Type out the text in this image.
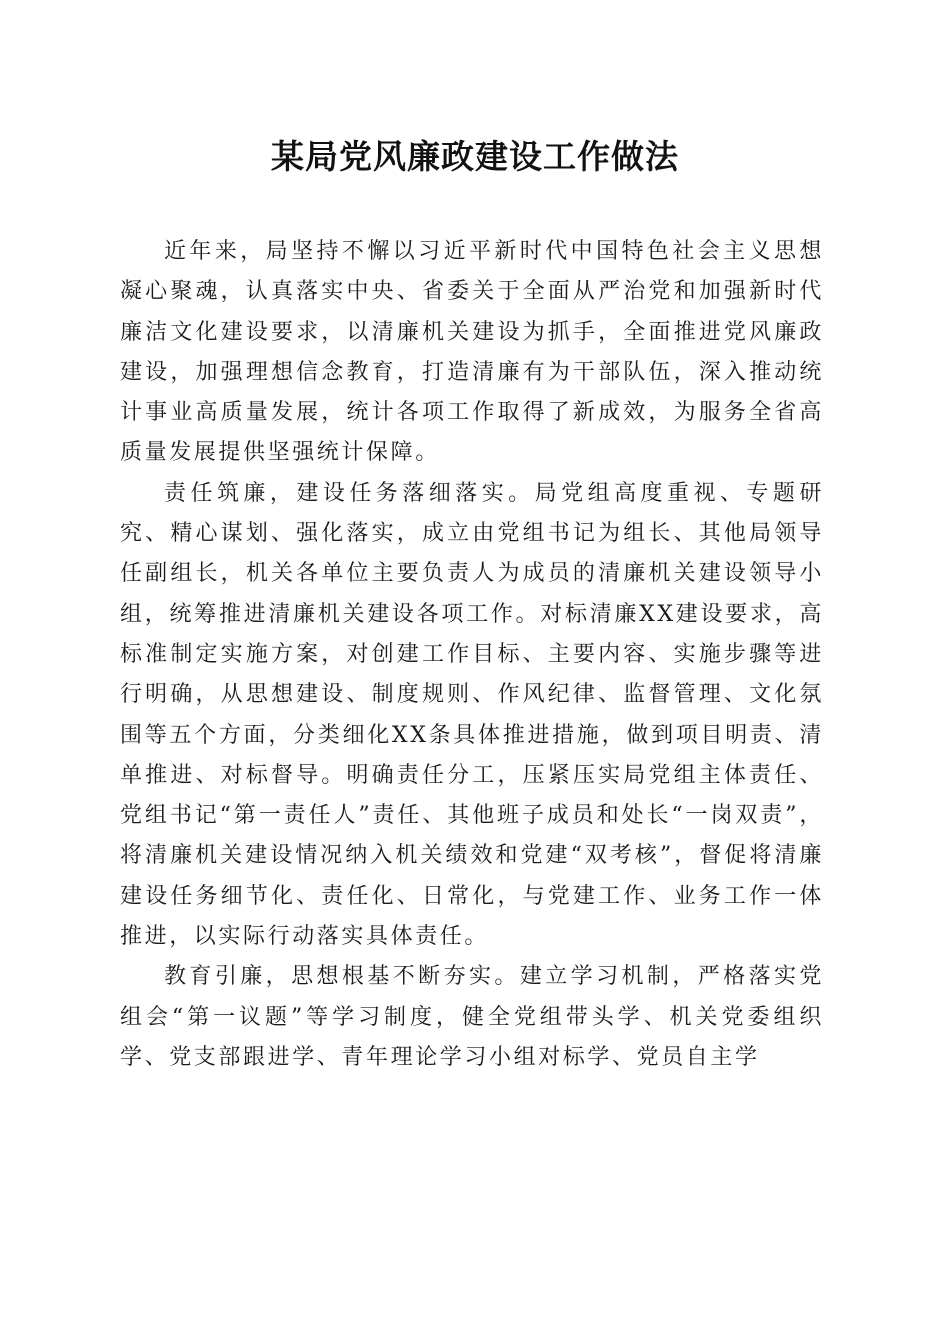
某局党风廉政建设工作做法

近年来，局坚持不懈以习近平新时代中国特色社会主义思想凝心聚魂，认真落实中央、省委关于全面从严治党和加强新时代廉洁文化建设要求，以清廉机关建设为抓手，全面推进党风廉政建设，加强理想信念教育，打造清廉有为干部队伍，深入推动统计事业高质量发展，统计各项工作取得了新成效，为服务全省高质量发展提供坚强统计保障。

责任筑廉，建设任务落细落实。局党组高度重视、专题研究、精心谋划、强化落实，成立由党组书记为组长、其他局领导任副组长，机关各单位主要负责人为成员的清廉机关建设领导小组，统筹推进清廉机关建设各项工作。对标清廉XX建设要求，高标准制定实施方案，对创建工作目标、主要内容、实施步骤等进行明确，从思想建设、制度规则、作风纪律、监督管理、文化氛围等五个方面，分类细化XX条具体推进措施，做到项目明责、清单推进、对标督导。明确责任分工，压紧压实局党组主体责任、党组书记“第一责任人”责任、其他班子成员和处长“一岗双责”，将清廉机关建设情况纳入机关绩效和党建“双考核”，督促将清廉建设任务细节化、责任化、日常化，与党建工作、业务工作一体推进，以实际行动落实具体责任。

教育引廉，思想根基不断夯实。建立学习机制，严格落实党组会“第一议题”等学习制度，健全党组带头学、机关党委组织学、党支部跟进学、青年理论学习小组对标学、党员自主学
